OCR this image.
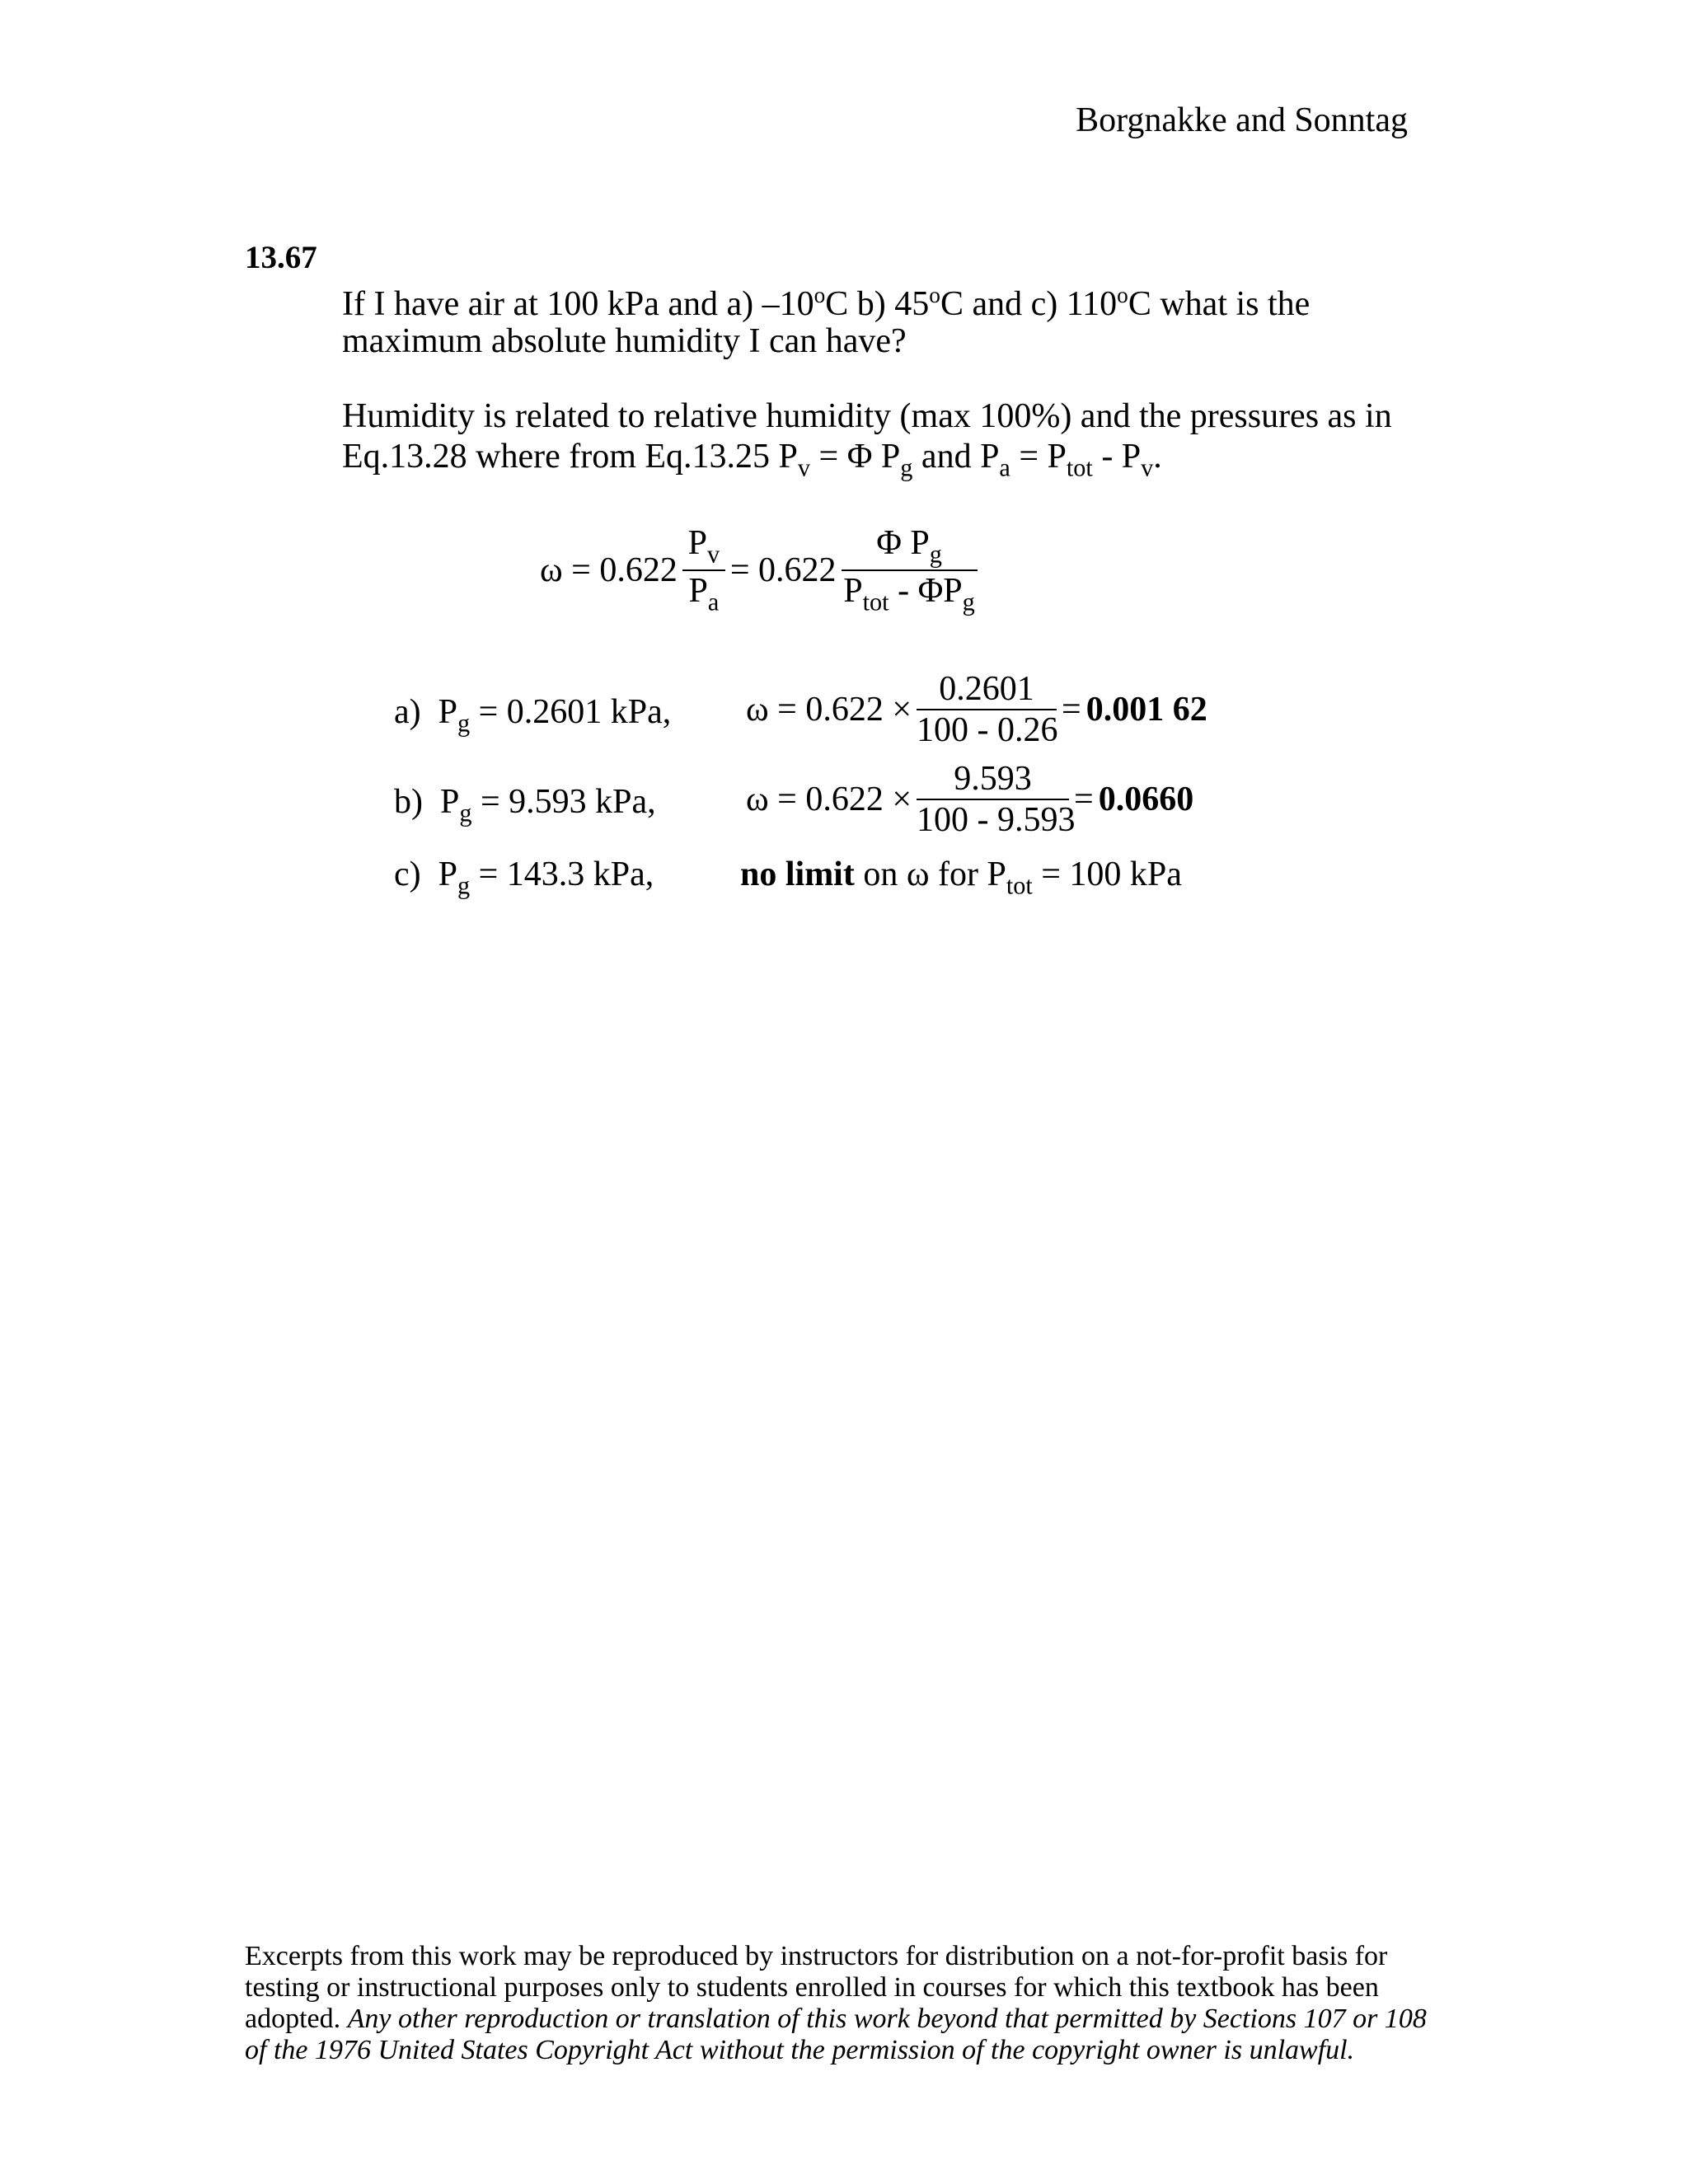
Borgnakke and Sonntag
13.67
If I have air at 100 kPa and a) –10$^o$C b) 45$^o$C and c) 110$^o$C what is the
maximum absolute humidity I can have?
Humidity is related to relative humidity (max 100%) and the pressures as in
Eq.13.28 where from Eq.13.25 $P_v = \Phi$ $P_g$ and $P_a = P_{tot} - P_v$.
$\omega = 0.622 \frac{P_v}{P_a} = 0.622 \frac{\Phi P_g}{P_{tot} - \Phi P_g}$
a) $P_g = 0.2601$ kPa, $\omega = 0.622 \times \frac{0.2601}{100 - 0.26} = 0.001$ 62
b) $P_g = 9.593$ kPa,	$\omega = 0.622 \times \frac{9.593}{100 - 9.593} = 0.0660$
c) $P_g = 143.3$ kPa, no limit on ω for $P_{tot} = 100$ kPa
Excerpts from this work may be reproduced by instructors for distribution on a not-for-profit basis for testing or instructional purposes only to students enrolled in courses for which this textbook has been adopted. Any other reproduction or translation of this work beyond that permitted by Sections 107 or 108 of the 1976 United States Copyright Act without the permission of the copyright owner is unlawful.
